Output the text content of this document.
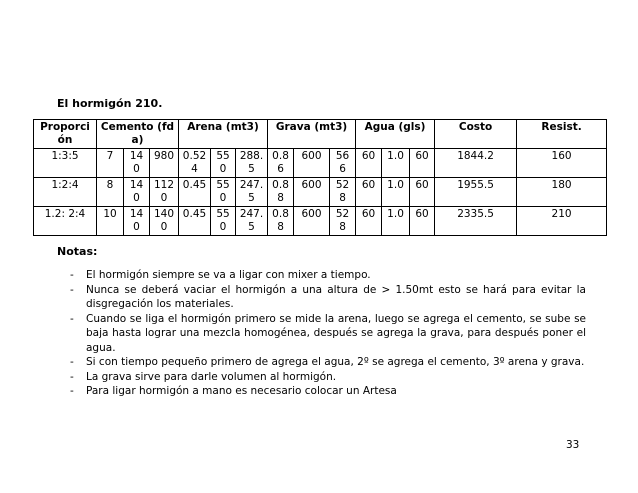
El hormigón 210.
Proporci ón	Cemento (fda)			Arena (mt3)			Grava (mt3)			Agua (gls)			Costo	Resist.
1:3:5	7	14 0	980	0.52 4	55 0	288. 5	0.8 6	600	56 6	60	1.0	60	1844.2	160
1:2:4	8	14 0	112 0	0.45	55 0	247. 5	0.8 8	600	52 8	60	1.0	60	1955.5	180
1.2: 2:4	10	14 0	140 0	0.45	55 0	247. 5	0.8 8	600	52 8	60	1.0	60	2335.5	210
Notas:
- El hormigón siempre se va a ligar con mixer a tiempo.
- Nunca se deberá vaciar el hormigón a una altura de > 1.50mt esto se hará para evitar la disgregación los materiales.
- Cuando se liga el hormigón primero se mide la arena, luego se agrega el cemento, se sube se baja hasta lograr una mezcla homogénea, después se agrega la grava, para después poner el agua.
- Si con tiempo pequeño primero de agrega el agua, 2º se agrega el cemento, 3º arena y grava.
- La grava sirve para darle volumen al hormigón.
- Para ligar hormigón a mano es necesario colocar un Artesa
33
